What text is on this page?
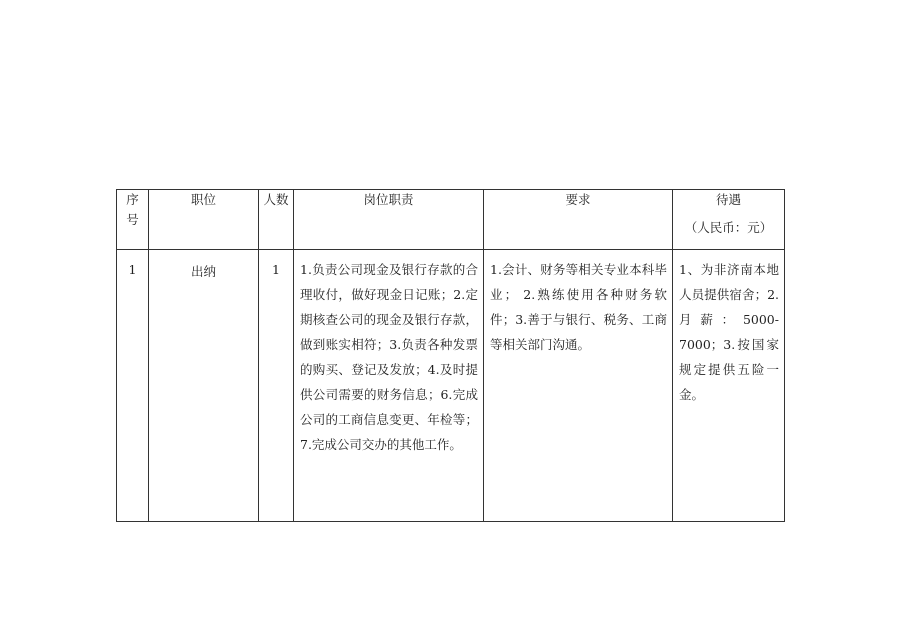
序号	职位	人数	岗位职责	要求	待遇
（人民币：元）

1	出纳	1	1.负责公司现金及银行存款的合理收付，做好现金日记账；2.定期核查公司的现金及银行存款，做到账实相符；3.负责各种发票的购买、登记及发放；4.及时提供公司需要的财务信息；6.完成公司的工商信息变更、年检等；7.完成公司交办的其他工作。	1.会计、财务等相关专业本科毕业； 2.熟练使用各种财务软件；3.善于与银行、税务、工商等相关部门沟通。	1、为非济南本地人员提供宿舍；2.月薪：5000-7000；3.按国家规定提供五险一金。
